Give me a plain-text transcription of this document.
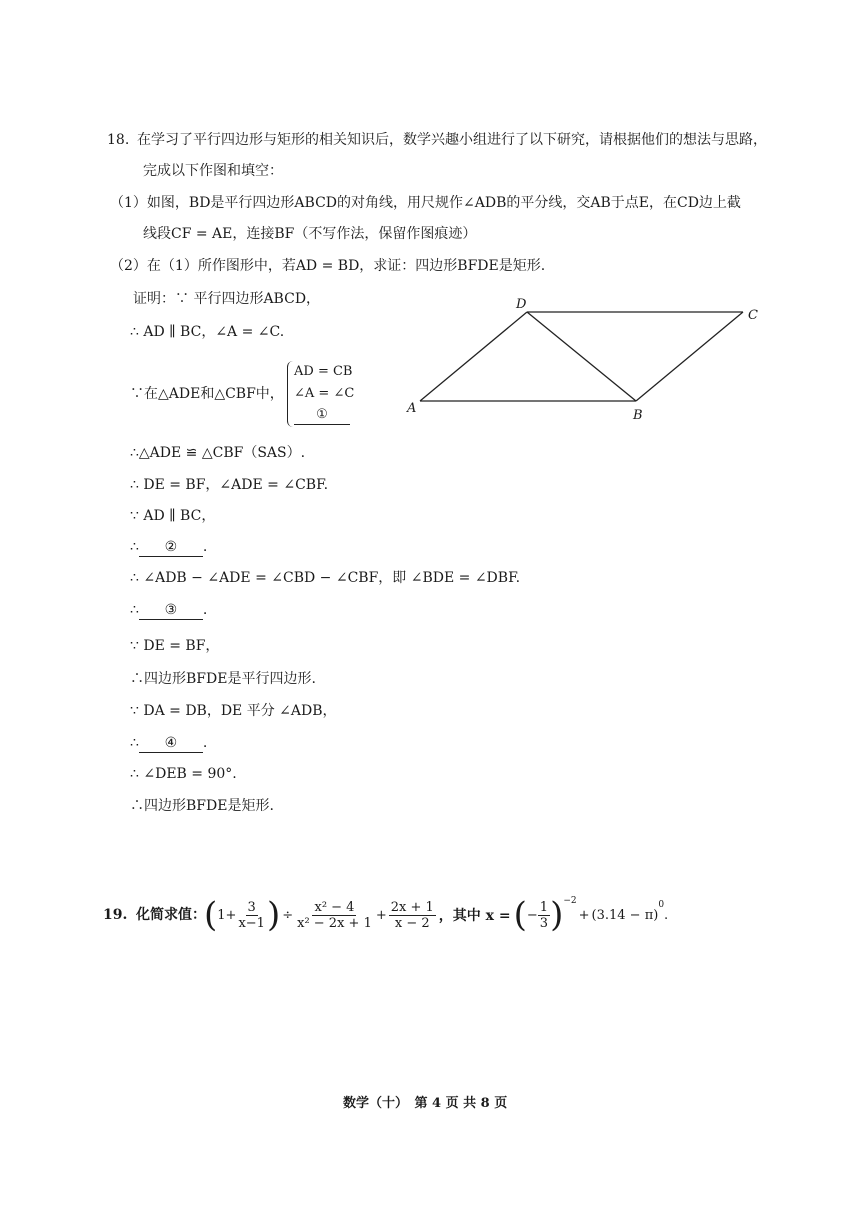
18. 在学习了平行四边形与矩形的相关知识后，数学兴趣小组进行了以下研究，请根据他们的想法与思路，
完成以下作图和填空：
（1）如图，BD是平行四边形ABCD的对角线，用尺规作∠ADB的平分线，交AB于点E，在CD边上截
线段CF = AE，连接BF（不写作法，保留作图痕迹）
（2）在（1）所作图形中，若AD = BD，求证：四边形BFDE是矩形.
证明：∵ 平行四边形ABCD，
∴ AD ∥ BC，∠A = ∠C.
∵在△ADE和△CBF中，
AD = CB
∠A = ∠C
①
∴△ADE ≌ △CBF（SAS）.
∴ DE = BF，∠ADE = ∠CBF.
∵ AD ∥ BC，
∴ ② .
∴ ∠ADB − ∠ADE = ∠CBD − ∠CBF，即 ∠BDE = ∠DBF.
∴ ③ .
∵ DE = BF，
∴四边形BFDE是平行四边形.
∵ DA = DB，DE 平分 ∠ADB，
∴ ④ .
∴ ∠DEB = 90°.
∴四边形BFDE是矩形.
A	B
C
D
19. 化简求值：
( $1+ \frac{3}{x-1}$ ) ÷ $\frac{\text{x² − 4}}{\text{x² − 2x + 1}} + \frac{2x + 1}{x - 2}$ ，其中 x = ( − $\frac{1}{3} )^{-2}$
+ (3.14 − π)
$^0$
.
数学（十）　第 4 页 共 8 页
